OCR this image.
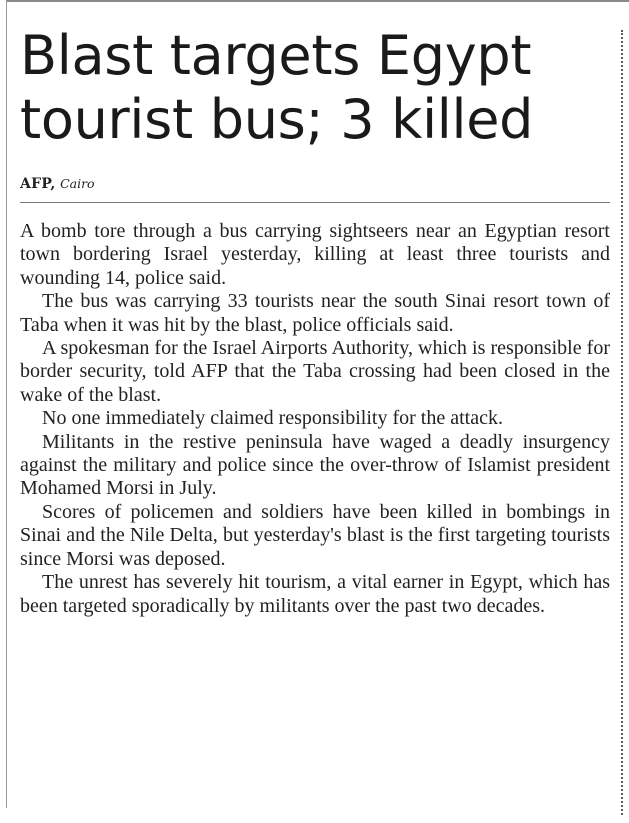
Blast targets Egypt
tourist bus; 3 killed
AFP, Cairo

A bomb tore through a bus carrying sightseers near an Egyptian resort town bordering Israel yesterday, killing at least three tourists and wounding 14, police said.

The bus was carrying 33 tourists near the south Sinai resort town of Taba when it was hit by the blast, police officials said.

A spokesman for the Israel Airports Authority, which is responsible for border security, told AFP that the Taba crossing had been closed in the wake of the blast.

No one immediately claimed responsibility for the attack.

Militants in the restive peninsula have waged a deadly insurgency against the military and police since the over-throw of Islamist president Mohamed Morsi in July.

Scores of policemen and soldiers have been killed in bombings in Sinai and the Nile Delta, but yesterday's blast is the first targeting tourists since Morsi was deposed.

The unrest has severely hit tourism, a vital earner in Egypt, which has been targeted sporadically by militants over the past two decades.
